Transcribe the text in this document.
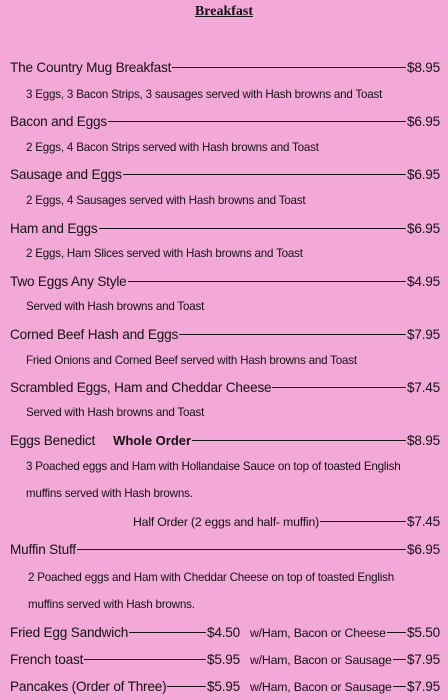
Breakfast
The Country Mug Breakfast	$8.95
3 Eggs, 3 Bacon Strips, 3 sausages served with Hash browns and Toast
Bacon and Eggs	$6.95
2 Eggs, 4 Bacon Strips served with Hash browns and Toast
Sausage and Eggs	$6.95
2 Eggs, 4 Sausages served with Hash browns and Toast
Ham and Eggs	$6.95
2 Eggs, Ham Slices served with Hash browns and Toast
Two Eggs Any Style	$4.95
Served with Hash browns and Toast
Corned Beef Hash and Eggs	$7.95
Fried Onions and Corned Beef served with Hash browns and Toast
Scrambled Eggs, Ham and Cheddar Cheese	$7.45
Served with Hash browns and Toast
Eggs Benedict Whole Order	$8.95
3 Poached eggs and Ham with Hollandaise Sauce on top of toasted English
muffins served with Hash browns.
Half Order (2 eggs and half- muffin)	$7.45
Muffin Stuff	$6.95
2 Poached eggs and Ham with Cheddar Cheese on top of toasted English
muffins served with Hash browns.
Fried Egg Sandwich	$4.50 w/Ham, Bacon or Cheese $5.50
French toast	$5.95 w/Ham, Bacon or Sausage $7.95
Pancakes (Order of Three)	$5.95 w/Ham, Bacon or Sausage $7.95
